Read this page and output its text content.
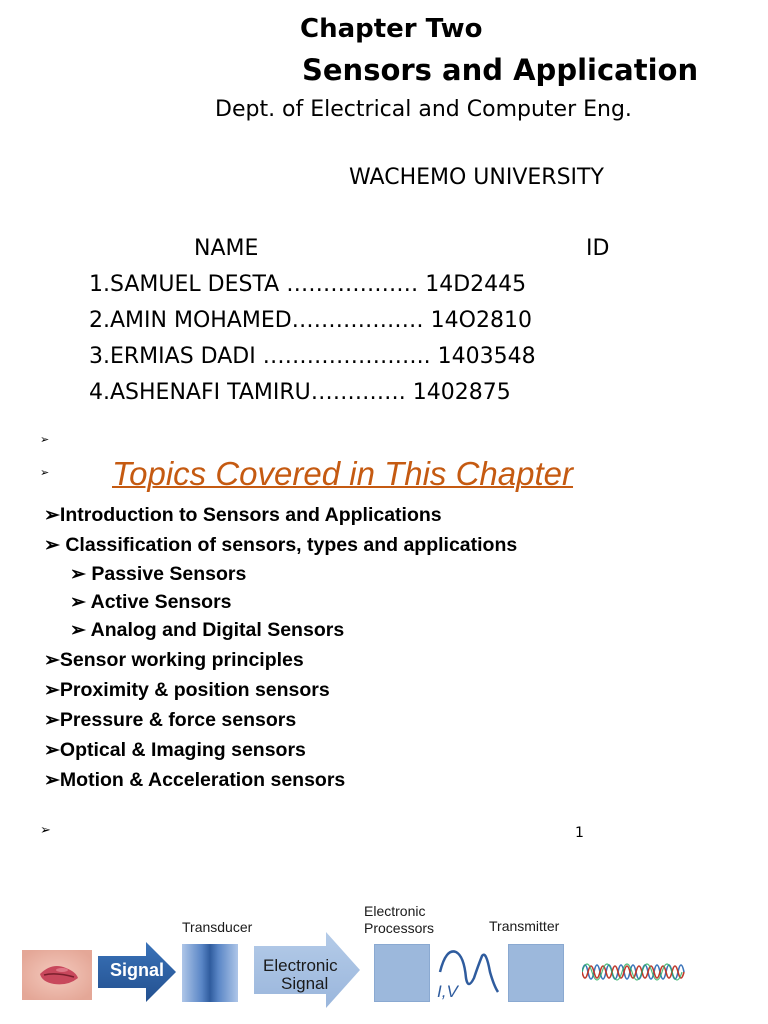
Chapter Two
Sensors and Application
Dept. of Electrical and Computer Eng.
WACHEMO UNIVERSITY
NAME	ID
1.SAMUEL DESTA ……………… 14D2445
2.AMIN MOHAMED……………… 14O2810
3.ERMIAS DADI ………………….. 1403548
4.ASHENAFI TAMIRU…………. 1402875
➢
➢ Topics Covered in This Chapter
➢Introduction to Sensors and Applications
➢ Classification of sensors, types and applications
➢ Passive Sensors
➢ Active Sensors
➢ Analog and Digital Sensors
➢Sensor working principles
➢Proximity & position sensors
➢Pressure & force sensors
➢Optical & Imaging sensors
➢Motion & Acceleration sensors
➢	1
Signal
Transducer
Electronic
Signal
Electronic
Processors
I,V
Transmitter
